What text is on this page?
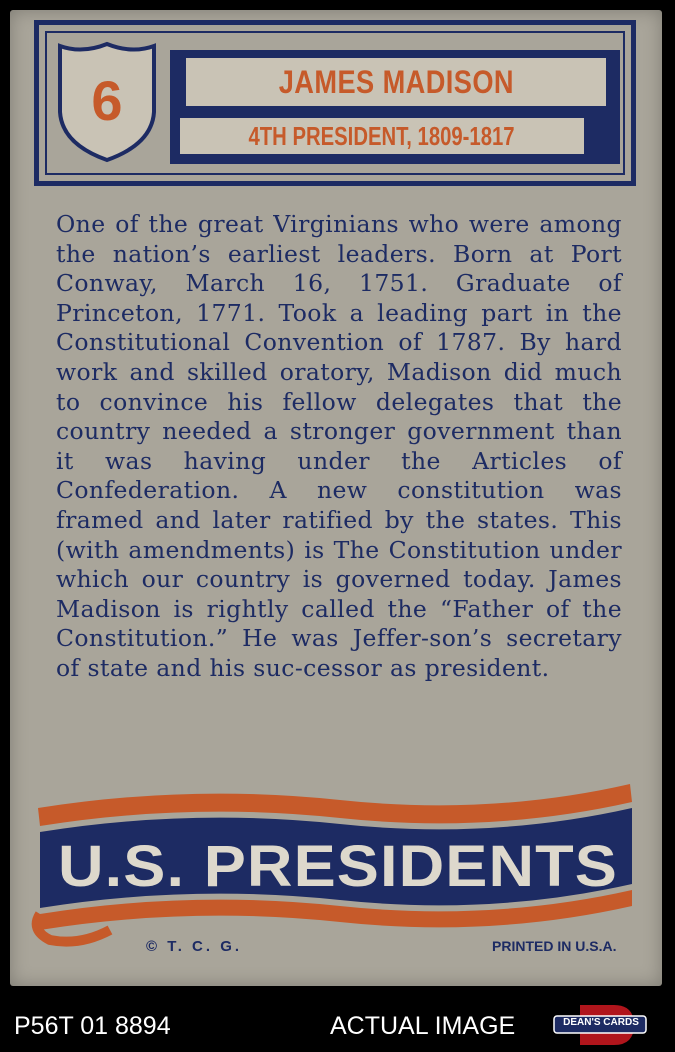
6	JAMES MADISON
4TH PRESIDENT, 1809-1817
One of the great Virginians who were among the nation’s earliest leaders. Born at Port Conway, March 16, 1751. Graduate of Princeton, 1771. Took a leading part in the Constitutional Convention of 1787. By hard work and skilled oratory, Madison did much to convince his fellow delegates that the country needed a stronger government than it was having under the Articles of Confederation. A new constitution was framed and later ratified by the states. This (with amendments) is The Constitution under which our country is governed today. James Madison is rightly called the “Father of the Constitution.” He was Jeffer-son’s secretary of state and his suc-cessor as president.
U.S. PRESIDENTS
© T. C. G.	PRINTED IN U.S.A.
P56T 01 8894	ACTUAL IMAGE	DEAN'S CARDS
